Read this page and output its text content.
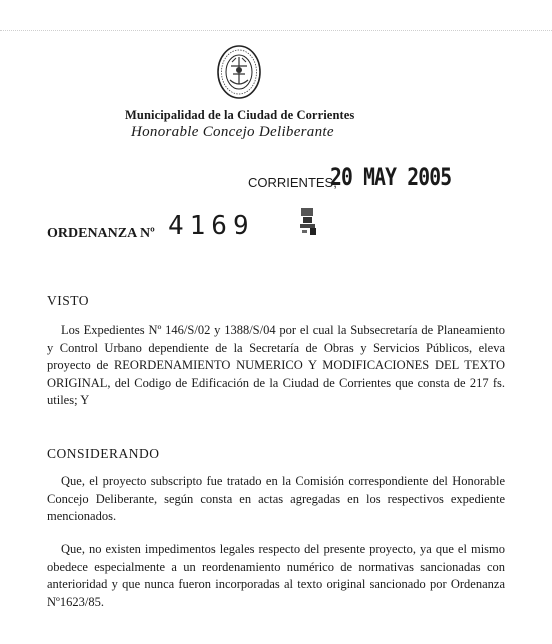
Municipalidad de la Ciudad de Corrientes
Honorable Concejo Deliberante
CORRIENTES,
20 MAY 2005
ORDENANZA Nº 4169
VISTO
Los Expedientes Nº 146/S/02 y 1388/S/04 por el cual la Subsecretaría de Planeamiento y Control Urbano dependiente de la Secretaría de Obras y Servicios Públicos, eleva proyecto de REORDENAMIENTO NUMERICO Y MODIFICACIONES DEL TEXTO ORIGINAL, del Codigo de Edificación de la Ciudad de Corrientes que consta de 217 fs. utiles; Y
CONSIDERANDO
Que, el proyecto subscripto fue tratado en la Comisión correspondiente del Honorable Concejo Deliberante, según consta en actas agregadas en los respectivos expediente mencionados.
Que, no existen impedimentos legales respecto del presente proyecto, ya que el mismo obedece especialmente a un reordenamiento numérico de normativas sancionadas con anterioridad y que nunca fueron incorporadas al texto original sancionado por Ordenanza Nº1623/85.
